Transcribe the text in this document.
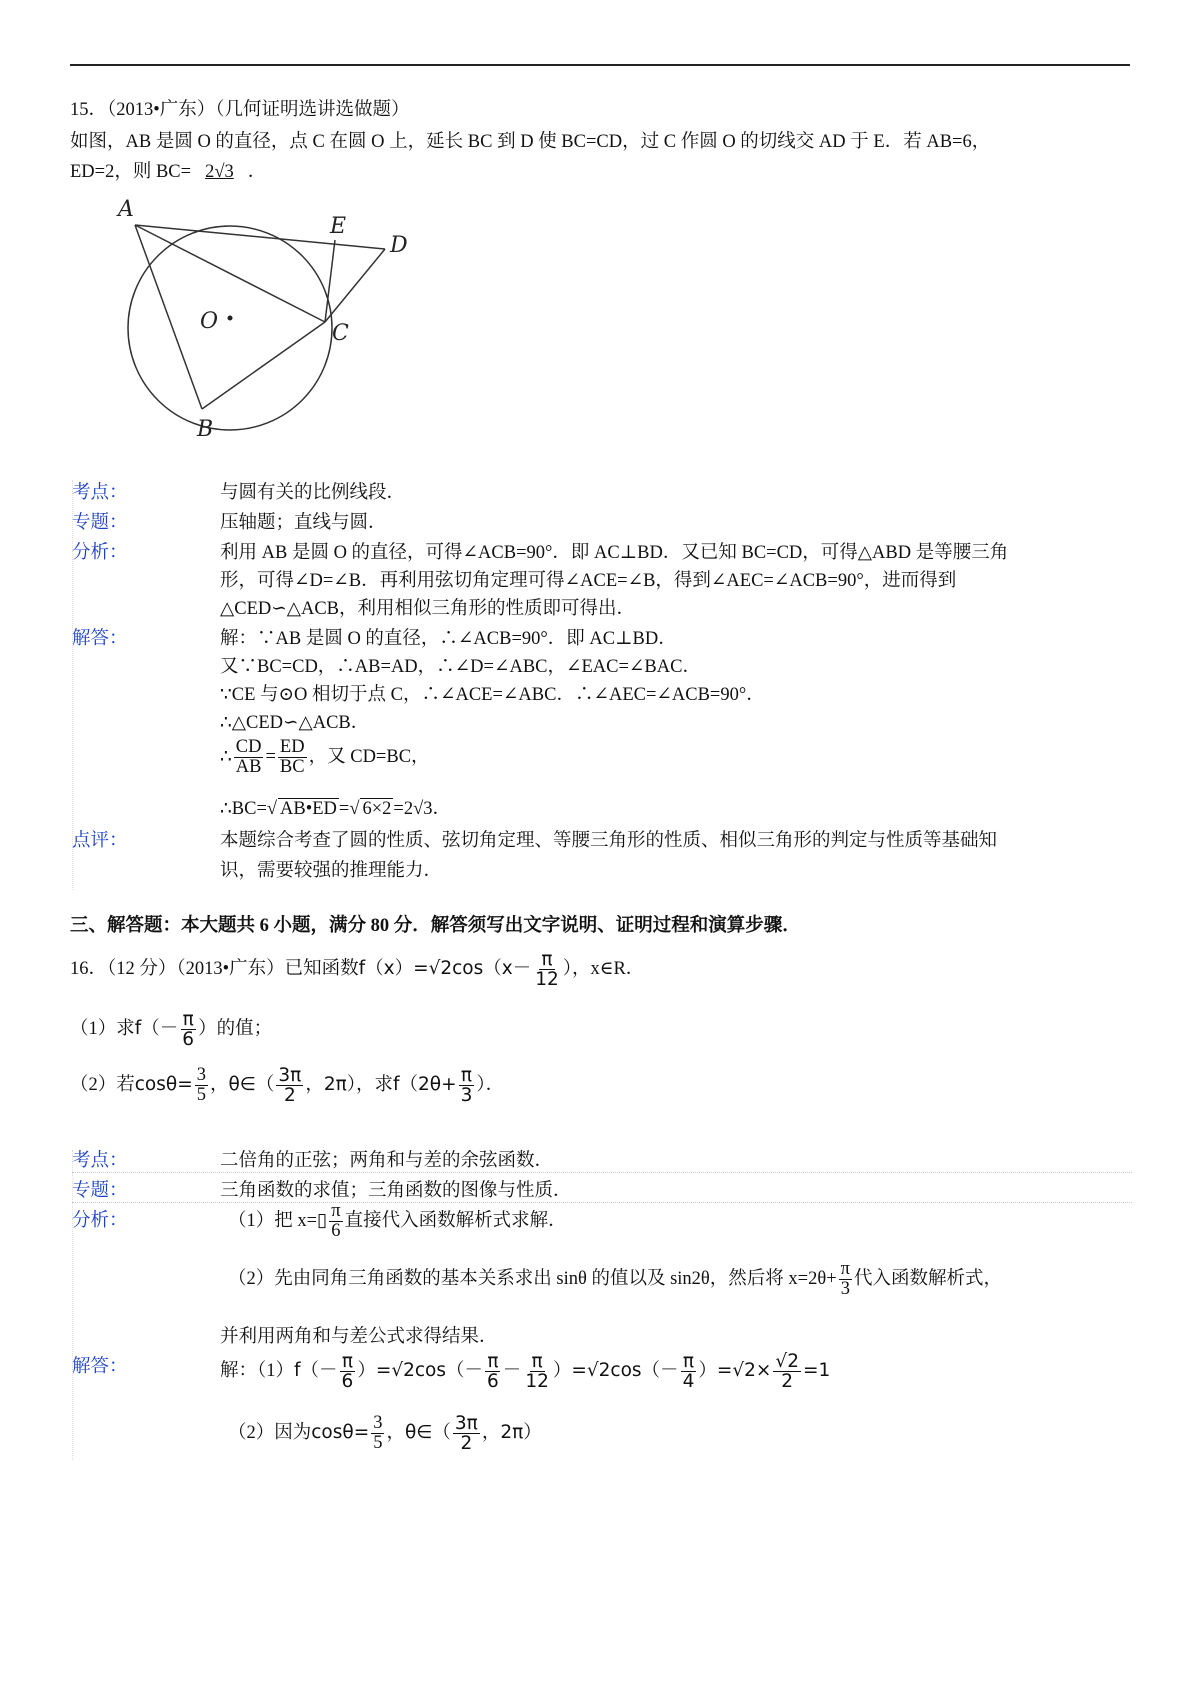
15．（2013•广东）（几何证明选讲选做题）
如图，AB 是圆 O 的直径，点 C 在圆 O 上，延长 BC 到 D 使 BC=CD，过 C 作圆 O 的切线交 AD 于 E．若 AB=6，
ED=2，则 BC= 2√3 ．
A
E
D
O	C
B
考点：	与圆有关的比例线段．
专题：	压轴题；直线与圆．
分析：	利用 AB 是圆 O 的直径，可得∠ACB=90°．即 AC⊥BD．又已知 BC=CD，可得△ABD 是等腰三角
形，可得∠D=∠B．再利用弦切角定理可得∠ACE=∠B，得到∠AEC=∠ACB=90°，进而得到
△CED∽△ACB，利用相似三角形的性质即可得出．
解答：	解：∵AB 是圆 O 的直径，∴∠ACB=90°．即 AC⊥BD．
又∵BC=CD，∴AB=AD，∴∠D=∠ABC，∠EAC=∠BAC．
∵CE 与⊙O 相切于点 C，∴∠ACE=∠ABC．∴∠AEC=∠ACB=90°．
∴△CED∽△ACB．
∴ $\frac{CD}{AB} = \frac{ED}{BC}$ ，又 CD=BC，
∴BC=√ AB•ED =√ 6×2 =2√3．
点评：	本题综合考查了圆的性质、弦切角定理、等腰三角形的性质、相似三角形的判定与性质等基础知
识，需要较强的推理能力．
三、解答题：本大题共 6 小题，满分 80 分．解答须写出文字说明、证明过程和演算步骤．
16．（12 分）（2013•广东）已知函数$f(x)=√2\cos(x- \frac{\pi}{12}$ ），x∈R．
（1）求$f(- \frac{\pi}{6}$ ）的值；
（2）若$\cos\theta= \frac{3}{5}$ ，θ∈（ $\frac{3\pi}{2}$ ，2π），求$f(2\theta+ \frac{\pi}{3}$ ）．
考点：	二倍角的正弦；两角和与差的余弦函数．
专题：	三角函数的求值；三角函数的图像与性质．
分析：	（1）把 x=▯ $\frac{\pi}{6}$ 直接代入函数解析式求解．
（2）先由同角三角函数的基本关系求出 sinθ 的值以及 sin2θ，然后将 $x=2\theta+ \frac{\pi}{3}$ 代入函数解析式，
并利用两角和与差公式求得结果．
解答：	解：$(1)f(- \frac{\pi}{6} )=√2\cos(- \frac{\pi}{6} - \frac{\pi}{12} )=√2\cos(- \frac{\pi}{4} )=√2\times \frac{√2}{2} =1$
（2）因为$\cos\theta= \frac{3}{5}$ ，θ∈（ $\frac{3\pi}{2}$ ，2π）
